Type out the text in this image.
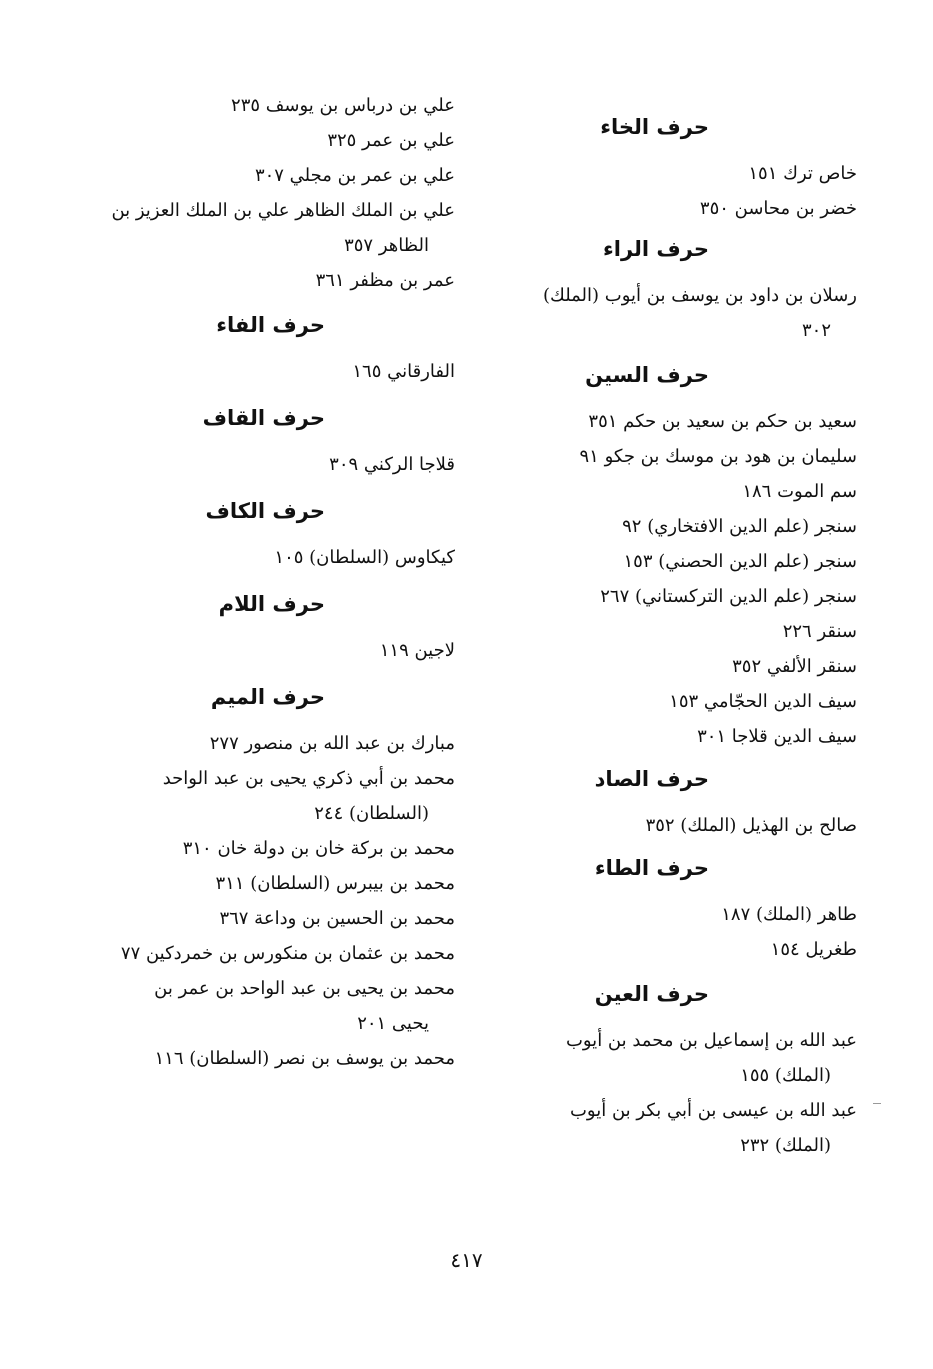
حرف الخاء
خاص ترك ١٥١
خضر بن محاسن ٣٥٠
حرف الراء
رسلان بن داود بن يوسف بن أيوب (الملك)
٣٠٢
حرف السين
سعيد بن حكم بن سعيد بن حكم ٣٥١
سليمان بن هود بن موسك بن جكو ٩١
سم الموت ١٨٦
سنجر (علم الدين الافتخاري) ٩٢
سنجر (علم الدين الحصني) ١٥٣
سنجر (علم الدين التركستاني) ٢٦٧
سنقر ٢٢٦
سنقر الألفي ٣٥٢
سيف الدين الحجّامي ١٥٣
سيف الدين قلاجا ٣٠١
حرف الصاد
صالح بن الهذيل (الملك) ٣٥٢
حرف الطاء
طاهر (الملك) ١٨٧
طغريل ١٥٤
حرف العين
عبد الله بن إسماعيل بن محمد بن أيوب
(الملك) ١٥٥
عبد الله بن عيسى بن أبي بكر بن أيوب
(الملك) ٢٣٢
علي بن درباس بن يوسف ٢٣٥
علي بن عمر ٣٢٥
علي بن عمر بن مجلي ٣٠٧
علي بن الملك الظاهر علي بن الملك العزيز بن
الظاهر ٣٥٧
عمر بن مظفر ٣٦١
حرف الفاء
الفارقاني ١٦٥
حرف القاف
قلاجا الركني ٣٠٩
حرف الكاف
كيكاوس (السلطان) ١٠٥
حرف اللام
لاجين ١١٩
حرف الميم
مبارك بن عبد الله بن منصور ٢٧٧
محمد بن أبي ذكري يحيى بن عبد الواحد
(السلطان) ٢٤٤
محمد بن بركة خان بن دولة خان ٣١٠
محمد بن بيبرس (السلطان) ٣١١
محمد بن الحسين بن وداعة ٣٦٧
محمد بن عثمان بن منكورس بن خمردكين ٧٧
محمد بن يحيى بن عبد الواحد بن عمر بن
يحيى ٢٠١
محمد بن يوسف بن نصر (السلطان) ١١٦
٤١٧
